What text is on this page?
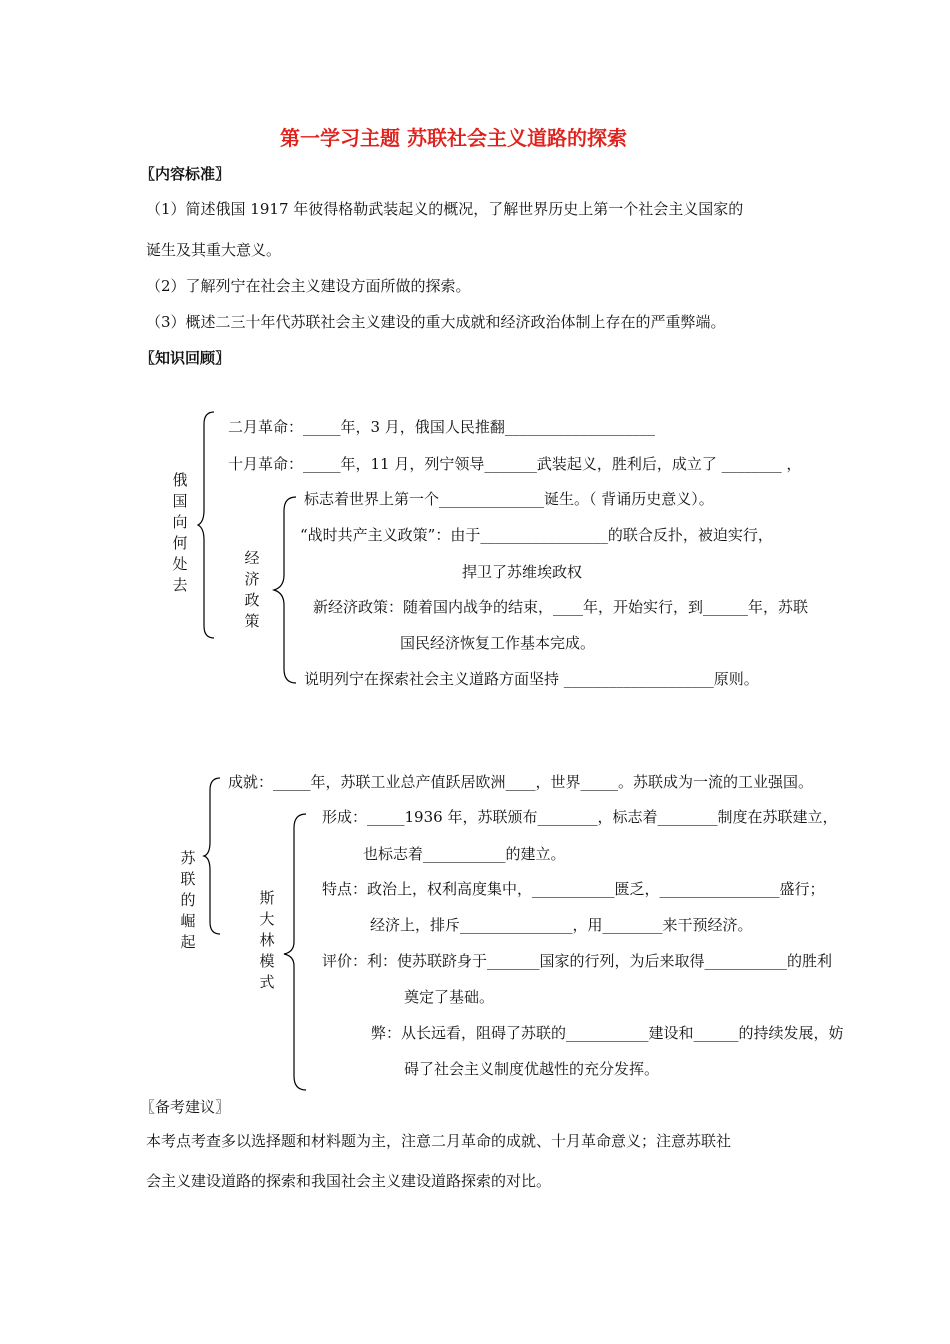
第一学习主题 苏联社会主义道路的探索
〖内容标准〗
（1）简述俄国 1917 年彼得格勒武装起义的概况，了解世界历史上第一个社会主义国家的
诞生及其重大意义。
（2）了解列宁在社会主义建设方面所做的探索。
（3）概述二三十年代苏联社会主义建设的重大成就和经济政治体制上存在的严重弊端。
〖知识回顾〗
俄国向何处去
二月革命：_____年，3 月，俄国人民推翻____________________
十月革命：_____年，11 月，列宁领导_______武装起义，胜利后，成立了 ________ ，
经济政策
标志着世界上第一个______________诞生。（ 背诵历史意义）。
“战时共产主义政策”：由于_________________的联合反扑，被迫实行，
捍卫了苏维埃政权
新经济政策：随着国内战争的结束，____年，开始实行，到______年，苏联
国民经济恢复工作基本完成。
说明列宁在探索社会主义道路方面坚持 ____________________原则。
苏联的崛起
成就：_____年，苏联工业总产值跃居欧洲____，世界_____。苏联成为一流的工业强国。
斯大林模式
形成：_____1936 年，苏联颁布________，标志着________制度在苏联建立，
也标志着___________的建立。
特点：政治上，权利高度集中，___________匮乏，________________盛行；
经济上，排斥_______________，用________来干预经济。
评价：利：使苏联跻身于_______国家的行列，为后来取得___________的胜利
奠定了基础。
弊：从长远看，阻碍了苏联的___________建设和______的持续发展，妨
碍了社会主义制度优越性的充分发挥。
〖备考建议〗
本考点考查多以选择题和材料题为主，注意二月革命的成就、十月革命意义；注意苏联社
会主义建设道路的探索和我国社会主义建设道路探索的对比。
